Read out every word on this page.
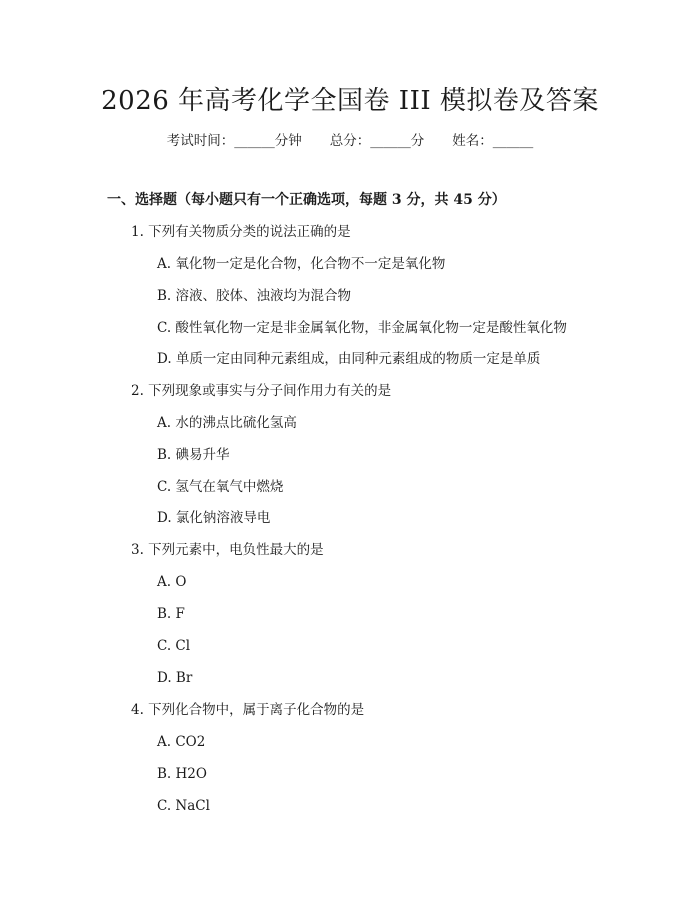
2026 年高考化学全国卷 III 模拟卷及答案
考试时间：______分钟 总分：______分 姓名：______
一、选择题（每小题只有一个正确选项，每题 3 分，共 45 分）
1. 下列有关物质分类的说法正确的是
A. 氧化物一定是化合物，化合物不一定是氧化物
B. 溶液、胶体、浊液均为混合物
C. 酸性氧化物一定是非金属氧化物，非金属氧化物一定是酸性氧化物
D. 单质一定由同种元素组成，由同种元素组成的物质一定是单质
2. 下列现象或事实与分子间作用力有关的是
A. 水的沸点比硫化氢高
B. 碘易升华
C. 氢气在氧气中燃烧
D. 氯化钠溶液导电
3. 下列元素中，电负性最大的是
A. O
B. F
C. Cl
D. Br
4. 下列化合物中，属于离子化合物的是
A. CO2
B. H2O
C. NaCl
